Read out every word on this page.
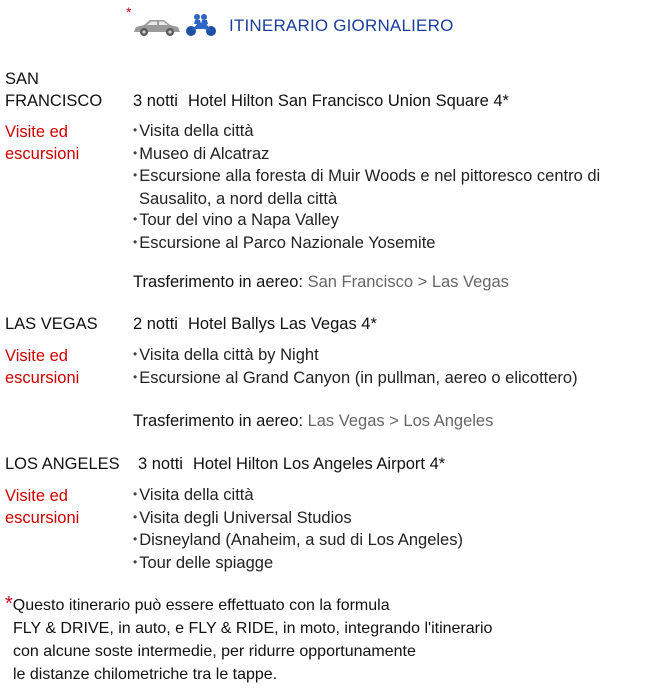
*
ITINERARIO GIORNALIERO
SAN
FRANCISCO 3 notti Hotel Hilton San Francisco Union Square 4*
Visite ed
escursioni
• Visita della città
• Museo di Alcatraz
• Escursione alla foresta di Muir Woods e nel pittoresco centro di
Sausalito, a nord della città
• Tour del vino a Napa Valley
• Escursione al Parco Nazionale Yosemite
Trasferimento in aereo: San Francisco > Las Vegas
LAS VEGAS 2 notti Hotel Ballys Las Vegas 4*
Visite ed
escursioni
• Visita della città by Night
• Escursione al Grand Canyon (in pullman, aereo o elicottero)
Trasferimento in aereo: Las Vegas > Los Angeles
LOS ANGELES 3 notti Hotel Hilton Los Angeles Airport 4*
Visite ed
escursioni
• Visita della città
• Visita degli Universal Studios
• Disneyland (Anaheim, a sud di Los Angeles)
• Tour delle spiagge
*Questo itinerario può essere effettuato con la formula
FLY & DRIVE, in auto, e FLY & RIDE, in moto, integrando l'itinerario
con alcune soste intermedie, per ridurre opportunamente
le distanze chilometriche tra le tappe.
